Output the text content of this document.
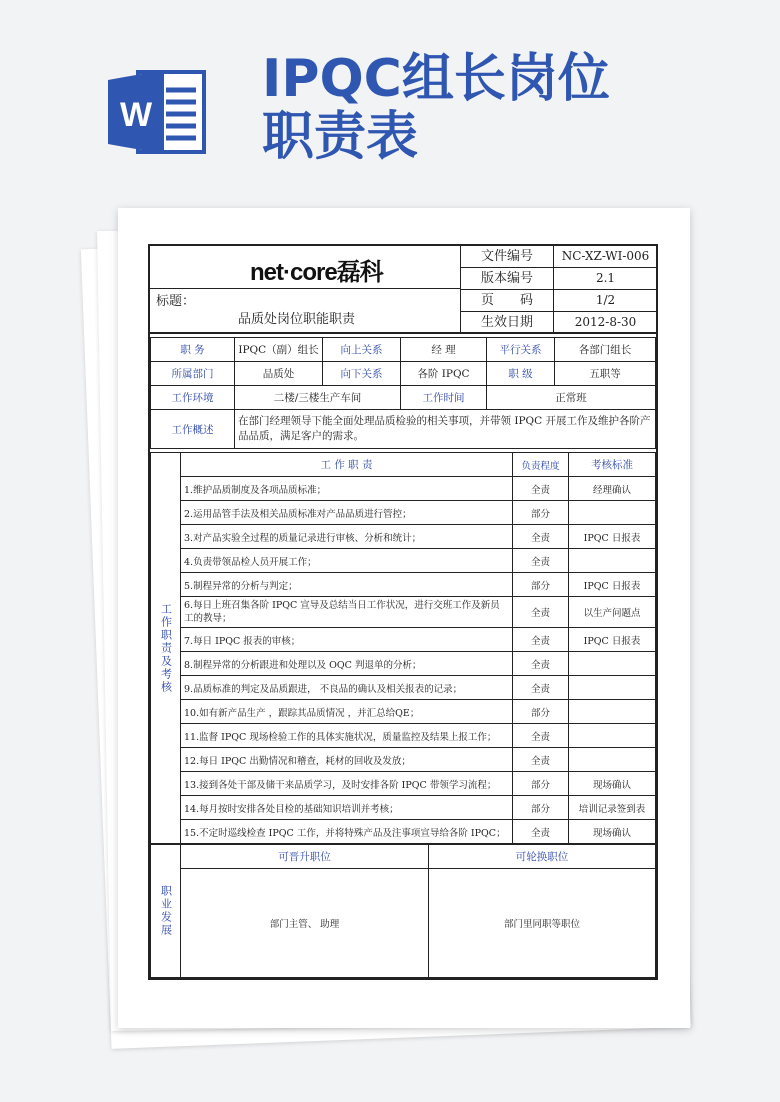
W
IPQC组长岗位
职责表
net·core磊科
标题：
品质处岗位职能职责
文件编号	NC-XZ-WI-006
版本编号	2.1
页　　码	1/2
生效日期	2012-8-30
职 务	IPQC（副）组长	向上关系	经 理	平行关系	各部门组长
所属部门	品质处	向下关系	各阶 IPQC	职 级	五职等
工作环境	二楼/三楼生产车间		工作时间	正常班	
工作概述	在部门经理领导下能全面处理品质检验的相关事项，并带领 IPQC 开展工作及维护各阶产品品质，满足客户的需求。				
工作职责及考核	工 作 职 责	负责程度	考核标准
	1.维护品质制度及各项品质标准；	全责	经理确认
	2.运用品管手法及相关品质标准对产品品质进行管控；	部分	
	3.对产品实验全过程的质量记录进行审核、分析和统计；	全责	IPQC 日报表
	4.负责带领品检人员开展工作；	全责	
	5.制程异常的分析与判定；	部分	IPQC 日报表
	6.每日上班召集各阶 IPQC 宣导及总结当日工作状况，进行交班工作及新员工的教导；	全责	以生产问题点
	7.每日 IPQC 报表的审核；	全责	IPQC 日报表
	8.制程异常的分析跟进和处理以及 OQC 判退单的分析；	全责	
	9.品质标准的判定及品质跟进， 不良品的确认及相关报表的记录；	全责	
	10.如有新产品生产 ，跟踪其品质情况 ，并汇总给QE；	部分	
	11.监督 IPQC 现场检验工作的具体实施状况，质量监控及结果上报工作；	全责	
	12.每日 IPQC 出勤情况和稽查，耗材的回收及发放；	全责	
	13.接到各处干部及储干来品质学习，及时安排各阶 IPQC 带领学习流程；	部分	现场确认
	14.每月按时安排各处目检的基础知识培训并考核；	部分	培训记录签到表
	15.不定时巡线检查 IPQC 工作，并将特殊产品及注事项宣导给各阶 IPQC；	全责	现场确认
职业发展	可晋升职位	可轮换职位
	部门主管、 助理	部门里同职等职位
